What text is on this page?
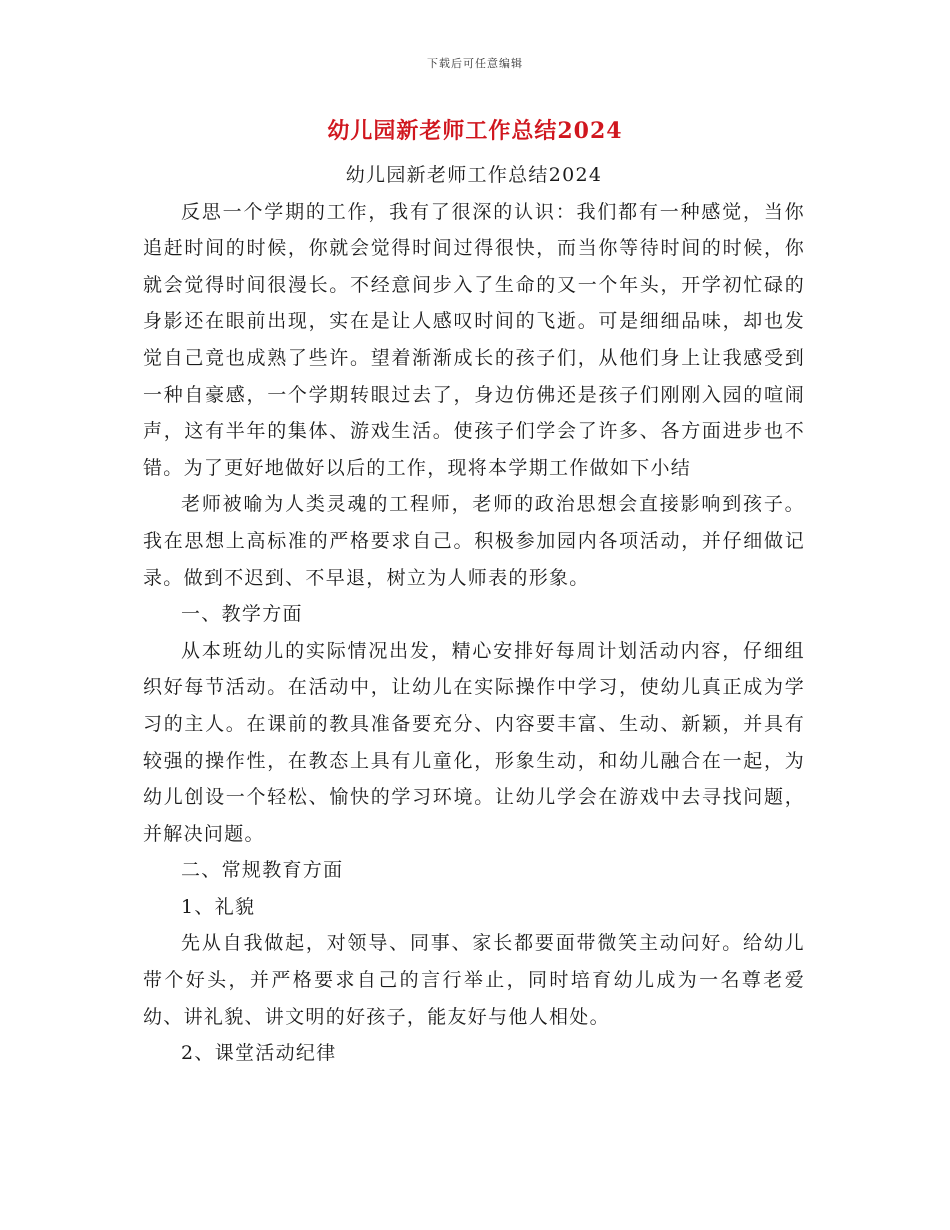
下载后可任意编辑
幼儿园新老师工作总结2024

幼儿园新老师工作总结2024

反思一个学期的工作，我有了很深的认识：我们都有一种感觉，当你追赶时间的时候，你就会觉得时间过得很快，而当你等待时间的时候，你就会觉得时间很漫长。不经意间步入了生命的又一个年头，开学初忙碌的身影还在眼前出现，实在是让人感叹时间的飞逝。可是细细品味，却也发觉自己竟也成熟了些许。望着渐渐成长的孩子们，从他们身上让我感受到一种自豪感，一个学期转眼过去了，身边仿佛还是孩子们刚刚入园的喧闹声，这有半年的集体、游戏生活。使孩子们学会了许多、各方面进步也不错。为了更好地做好以后的工作，现将本学期工作做如下小结

老师被喻为人类灵魂的工程师，老师的政治思想会直接影响到孩子。我在思想上高标准的严格要求自己。积极参加园内各项活动，并仔细做记录。做到不迟到、不早退，树立为人师表的形象。

一、教学方面

从本班幼儿的实际情况出发，精心安排好每周计划活动内容，仔细组织好每节活动。在活动中，让幼儿在实际操作中学习，使幼儿真正成为学习的主人。在课前的教具准备要充分、内容要丰富、生动、新颖，并具有较强的操作性，在教态上具有儿童化，形象生动，和幼儿融合在一起，为幼儿创设一个轻松、愉快的学习环境。让幼儿学会在游戏中去寻找问题，并解决问题。

二、常规教育方面

1、礼貌

先从自我做起，对领导、同事、家长都要面带微笑主动问好。给幼儿带个好头，并严格要求自己的言行举止，同时培育幼儿成为一名尊老爱幼、讲礼貌、讲文明的好孩子，能友好与他人相处。

2、课堂活动纪律
